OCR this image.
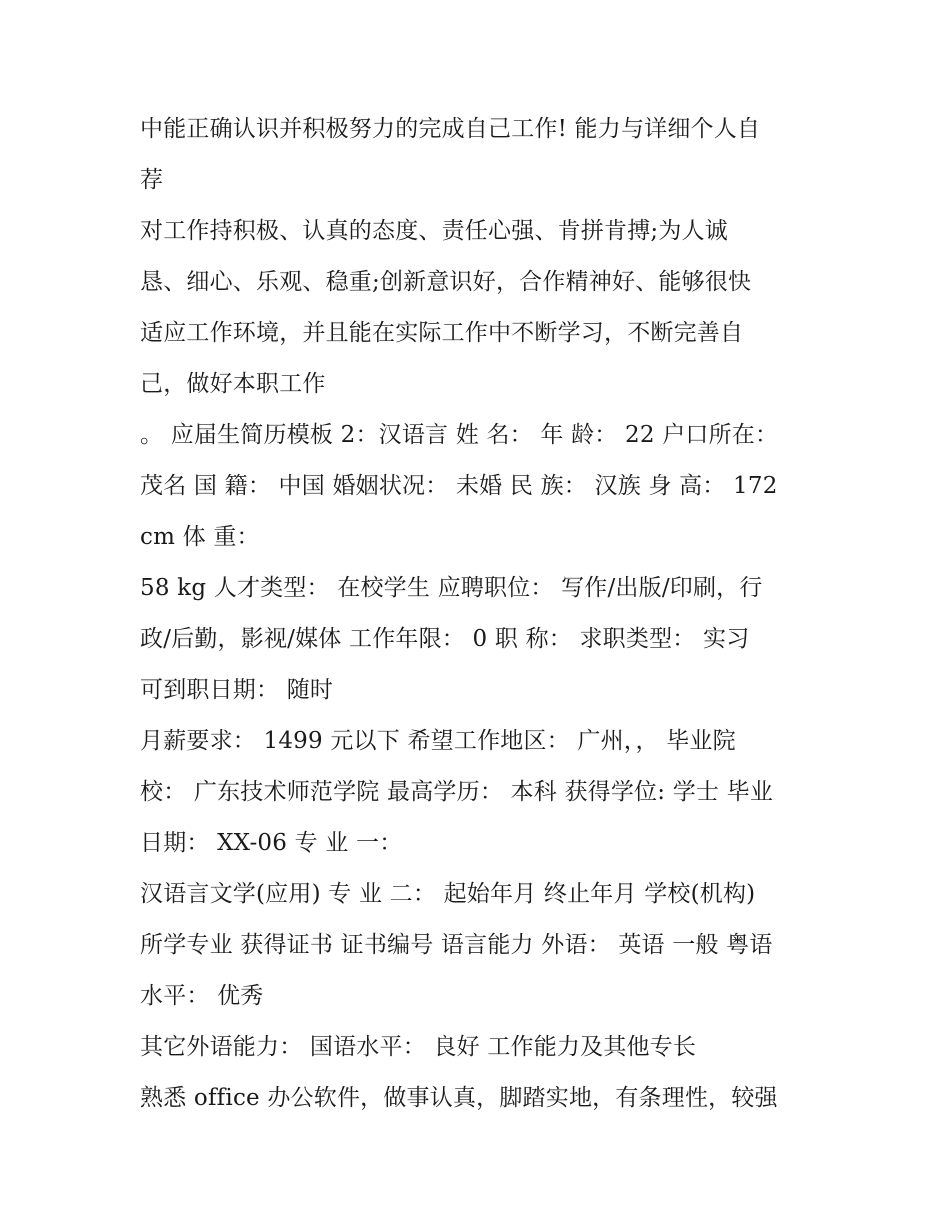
中能正确认识并积极努力的完成自己工作! 能力与详细个人自
荐
对工作持积极、认真的态度、责任心强、肯拼肯搏;为人诚
恳、细心、乐观、稳重;创新意识好，合作精神好、能够很快
适应工作环境，并且能在实际工作中不断学习，不断完善自
己，做好本职工作
。 应届生简历模板 2：汉语言 姓 名： 年 龄： 22 户口所在：
茂名 国 籍： 中国 婚姻状况： 未婚 民 族： 汉族 身 高： 172
cm 体 重：
58 kg 人才类型： 在校学生 应聘职位： 写作/出版/印刷，行
政/后勤，影视/媒体 工作年限： 0 职 称： 求职类型： 实习
可到职日期： 随时
月薪要求： 1499 元以下 希望工作地区： 广州，， 毕业院
校： 广东技术师范学院 最高学历： 本科 获得学位: 学士 毕业
日期： XX-06 专 业 一：
汉语言文学(应用) 专 业 二： 起始年月 终止年月 学校(机构)
所学专业 获得证书 证书编号 语言能力 外语： 英语 一般 粤语
水平： 优秀
其它外语能力： 国语水平： 良好 工作能力及其他专长
熟悉 office 办公软件，做事认真，脚踏实地，有条理性，较强
